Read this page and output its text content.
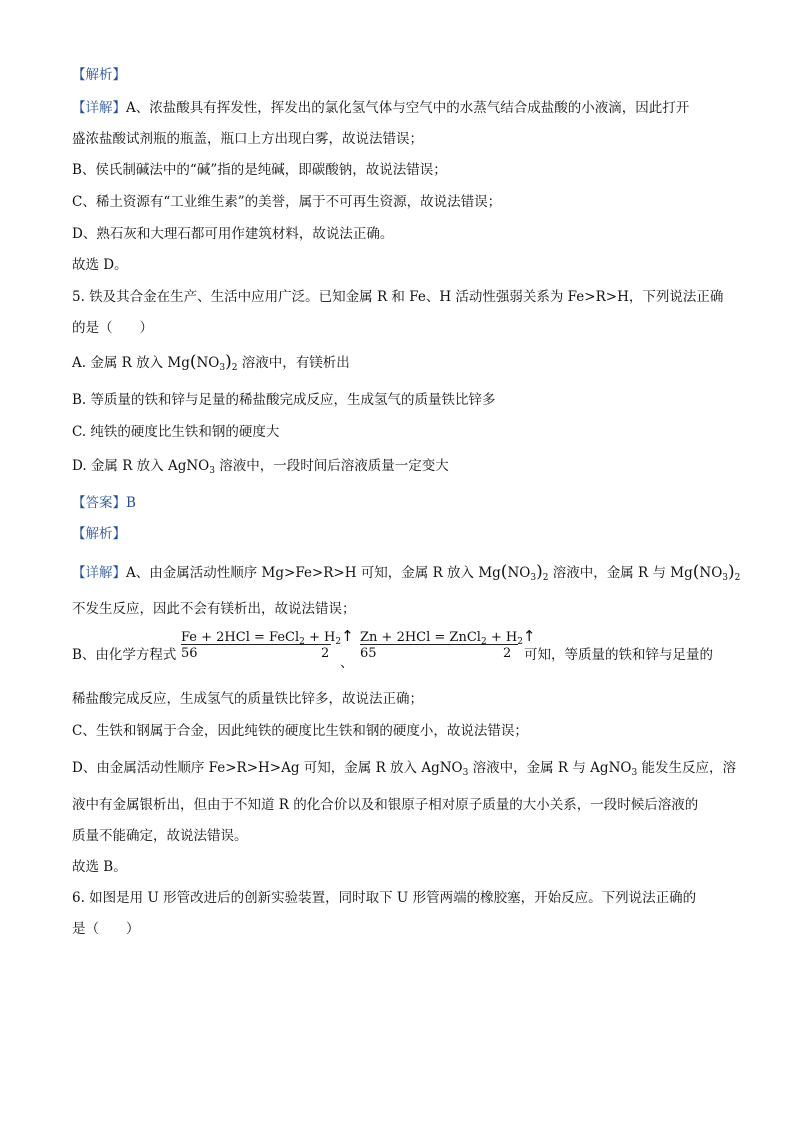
【解析】
【详解】A、浓盐酸具有挥发性，挥发出的氯化氢气体与空气中的水蒸气结合成盐酸的小液滴，因此打开
盛浓盐酸试剂瓶的瓶盖，瓶口上方出现白雾，故说法错误；
B、侯氏制碱法中的“碱”指的是纯碱，即碳酸钠，故说法错误；
C、稀土资源有“工业维生素”的美誉，属于不可再生资源，故说法错误；
D、熟石灰和大理石都可用作建筑材料，故说法正确。
故选 D。
5. 铁及其合金在生产、生活中应用广泛。已知金属 R 和 Fe、H 活动性强弱关系为 Fe>R>H，下列说法正确
的是（　　）
A. 金属 R 放入 $Mg(NO_3)_2$ 溶液中，有镁析出
B. 等质量的铁和锌与足量的稀盐酸完成反应，生成氢气的质量铁比锌多
C. 纯铁的硬度比生铁和钢的硬度大
D. 金属 R 放入 AgNO$_3$ 溶液中，一段时间后溶液质量一定变大
【答案】B
【解析】
【详解】A、由金属活动性顺序 Mg>Fe>R>H 可知，金属 R 放入 $Mg(NO_3)_2$ 溶液中，金属 R 与 $Mg(NO_3)_2$
不发生反应，因此不会有镁析出，故说法错误；
B、由化学方程式
Fe + 2HCl = FeCl$_2$ + $H_2↑$
56	2
、
Zn + 2HCl = ZnCl$_2$ + $H_2↑$
65	2 可知，等质量的铁和锌与足量的
稀盐酸完成反应，生成氢气的质量铁比锌多，故说法正确；
C、生铁和钢属于合金，因此纯铁的硬度比生铁和钢的硬度小，故说法错误；
D、由金属活动性顺序 Fe>R>H>Ag 可知，金属 R 放入 AgNO$_3$ 溶液中，金属 R 与 AgNO$_3$ 能发生反应，溶
液中有金属银析出，但由于不知道 R 的化合价以及和银原子相对原子质量的大小关系，一段时候后溶液的
质量不能确定，故说法错误。
故选 B。
6. 如图是用 U 形管改进后的创新实验装置，同时取下 U 形管两端的橡胶塞，开始反应。下列说法正确的
是（　　）
